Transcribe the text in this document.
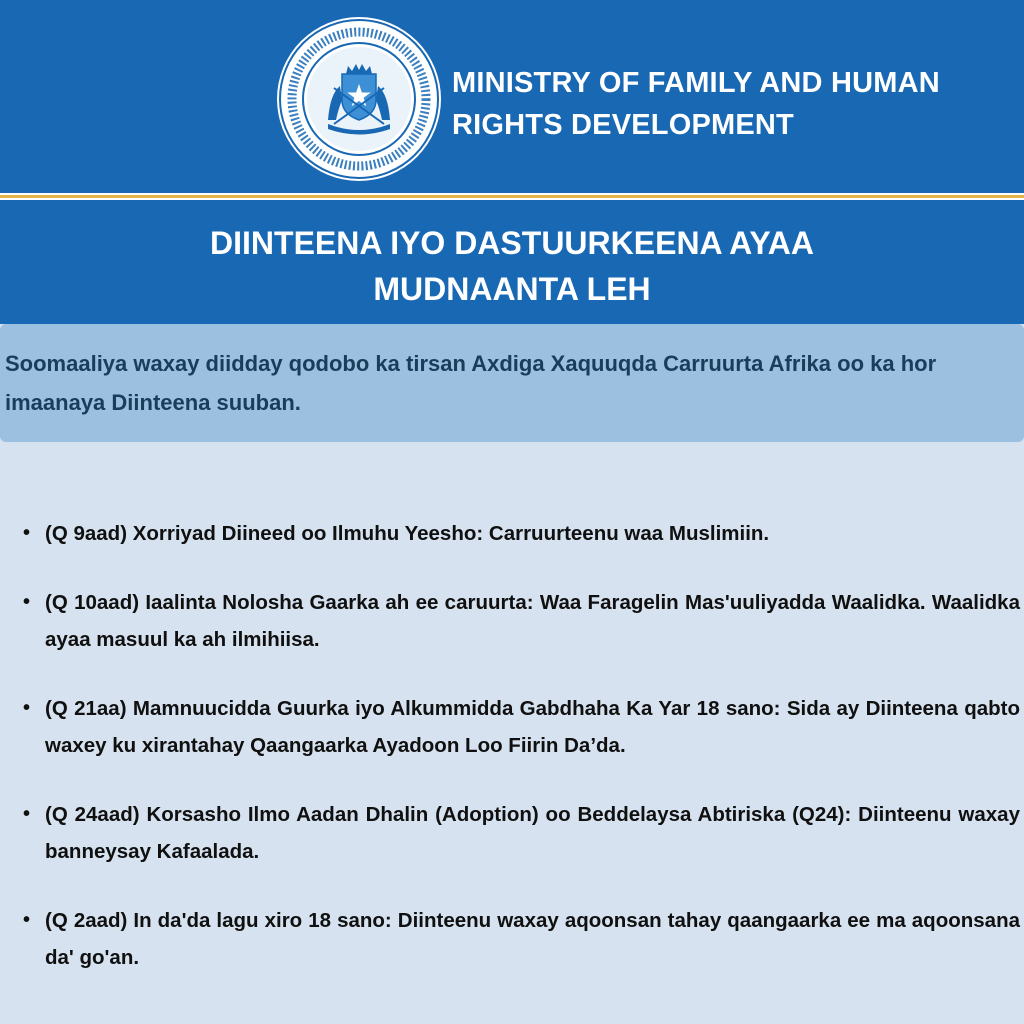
MINISTRY OF FAMILY AND HUMAN
RIGHTS DEVELOPMENT
DIINTEENA IYO DASTUURKEENA AYAA
MUDNAANTA LEH
Soomaaliya waxay diidday qodobo ka tirsan Axdiga Xaquuqda Carruurta Afrika oo ka hor imaanaya Diinteena suuban.
• (Q 9aad) Xorriyad Diineed oo Ilmuhu Yeesho: Carruurteenu waa Muslimiin.
• (Q 10aad) Iaalinta Nolosha Gaarka ah ee caruurta: Waa Faragelin Mas'uuliyadda Waalidka. Waalidka ayaa masuul ka ah ilmihiisa.
• (Q 21aa) Mamnuucidda Guurka iyo Alkummidda Gabdhaha Ka Yar 18 sano: Sida ay Diinteena qabto waxey ku xirantahay Qaangaarka Ayadoon Loo Fiirin Da’da.
• (Q 24aad) Korsasho Ilmo Aadan Dhalin (Adoption) oo Beddelaysa Abtiriska (Q24): Diinteenu waxay banneysay Kafaalada.
• (Q 2aad) In da'da lagu xiro 18 sano: Diinteenu waxay aqoonsan tahay qaangaarka ee ma aqoonsana da' go'an.
